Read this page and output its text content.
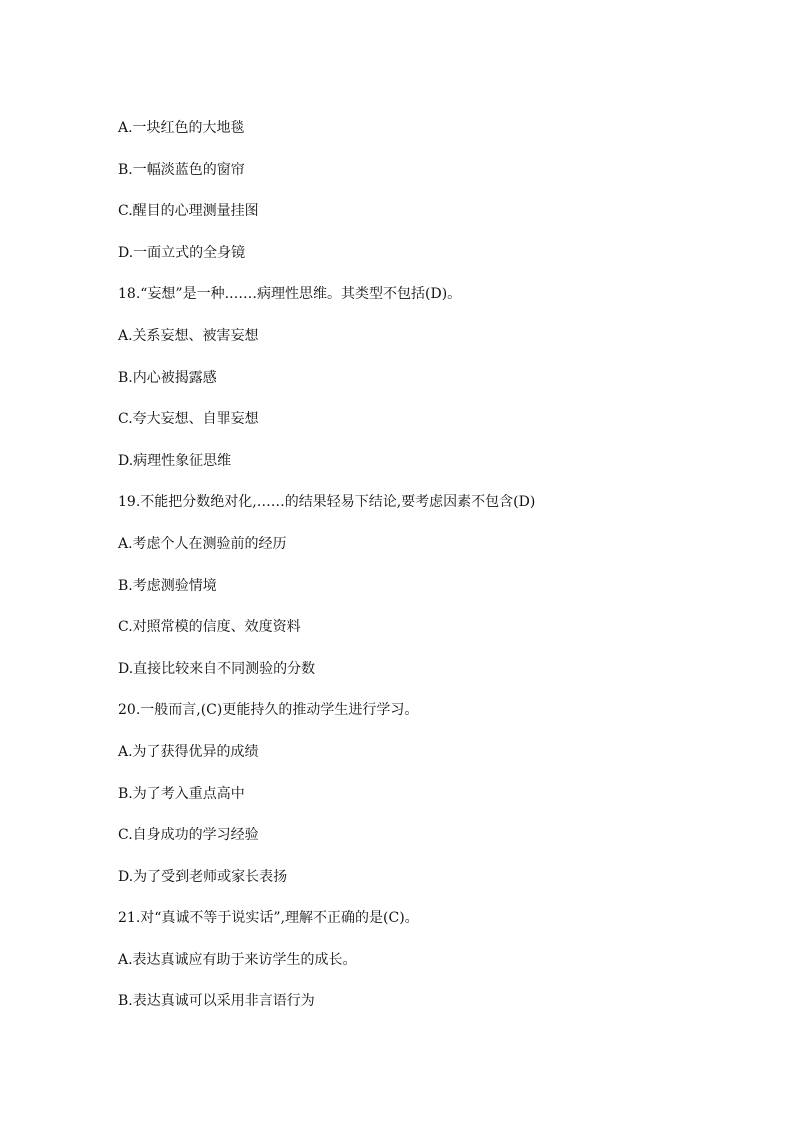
A.一块红色的大地毯
B.一幅淡蓝色的窗帘
C.醒目的心理测量挂图
D.一面立式的全身镜
18.“妄想”是一种.……病理性思维。其类型不包括(D)。
A.关系妄想、被害妄想
B.内心被揭露感
C.夸大妄想、自罪妄想
D.病理性象征思维
19.不能把分数绝对化,……的结果轻易下结论,要考虑因素不包含(D)
A.考虑个人在测验前的经历
B.考虑测验情境
C.对照常模的信度、效度资料
D.直接比较来自不同测验的分数
20.一般而言,(C)更能持久的推动学生进行学习。
A.为了获得优异的成绩
B.为了考入重点高中
C.自身成功的学习经验
D.为了受到老师或家长表扬
21.对“真诚不等于说实话”,理解不正确的是(C)。
A.表达真诚应有助于来访学生的成长。
B.表达真诚可以采用非言语行为
